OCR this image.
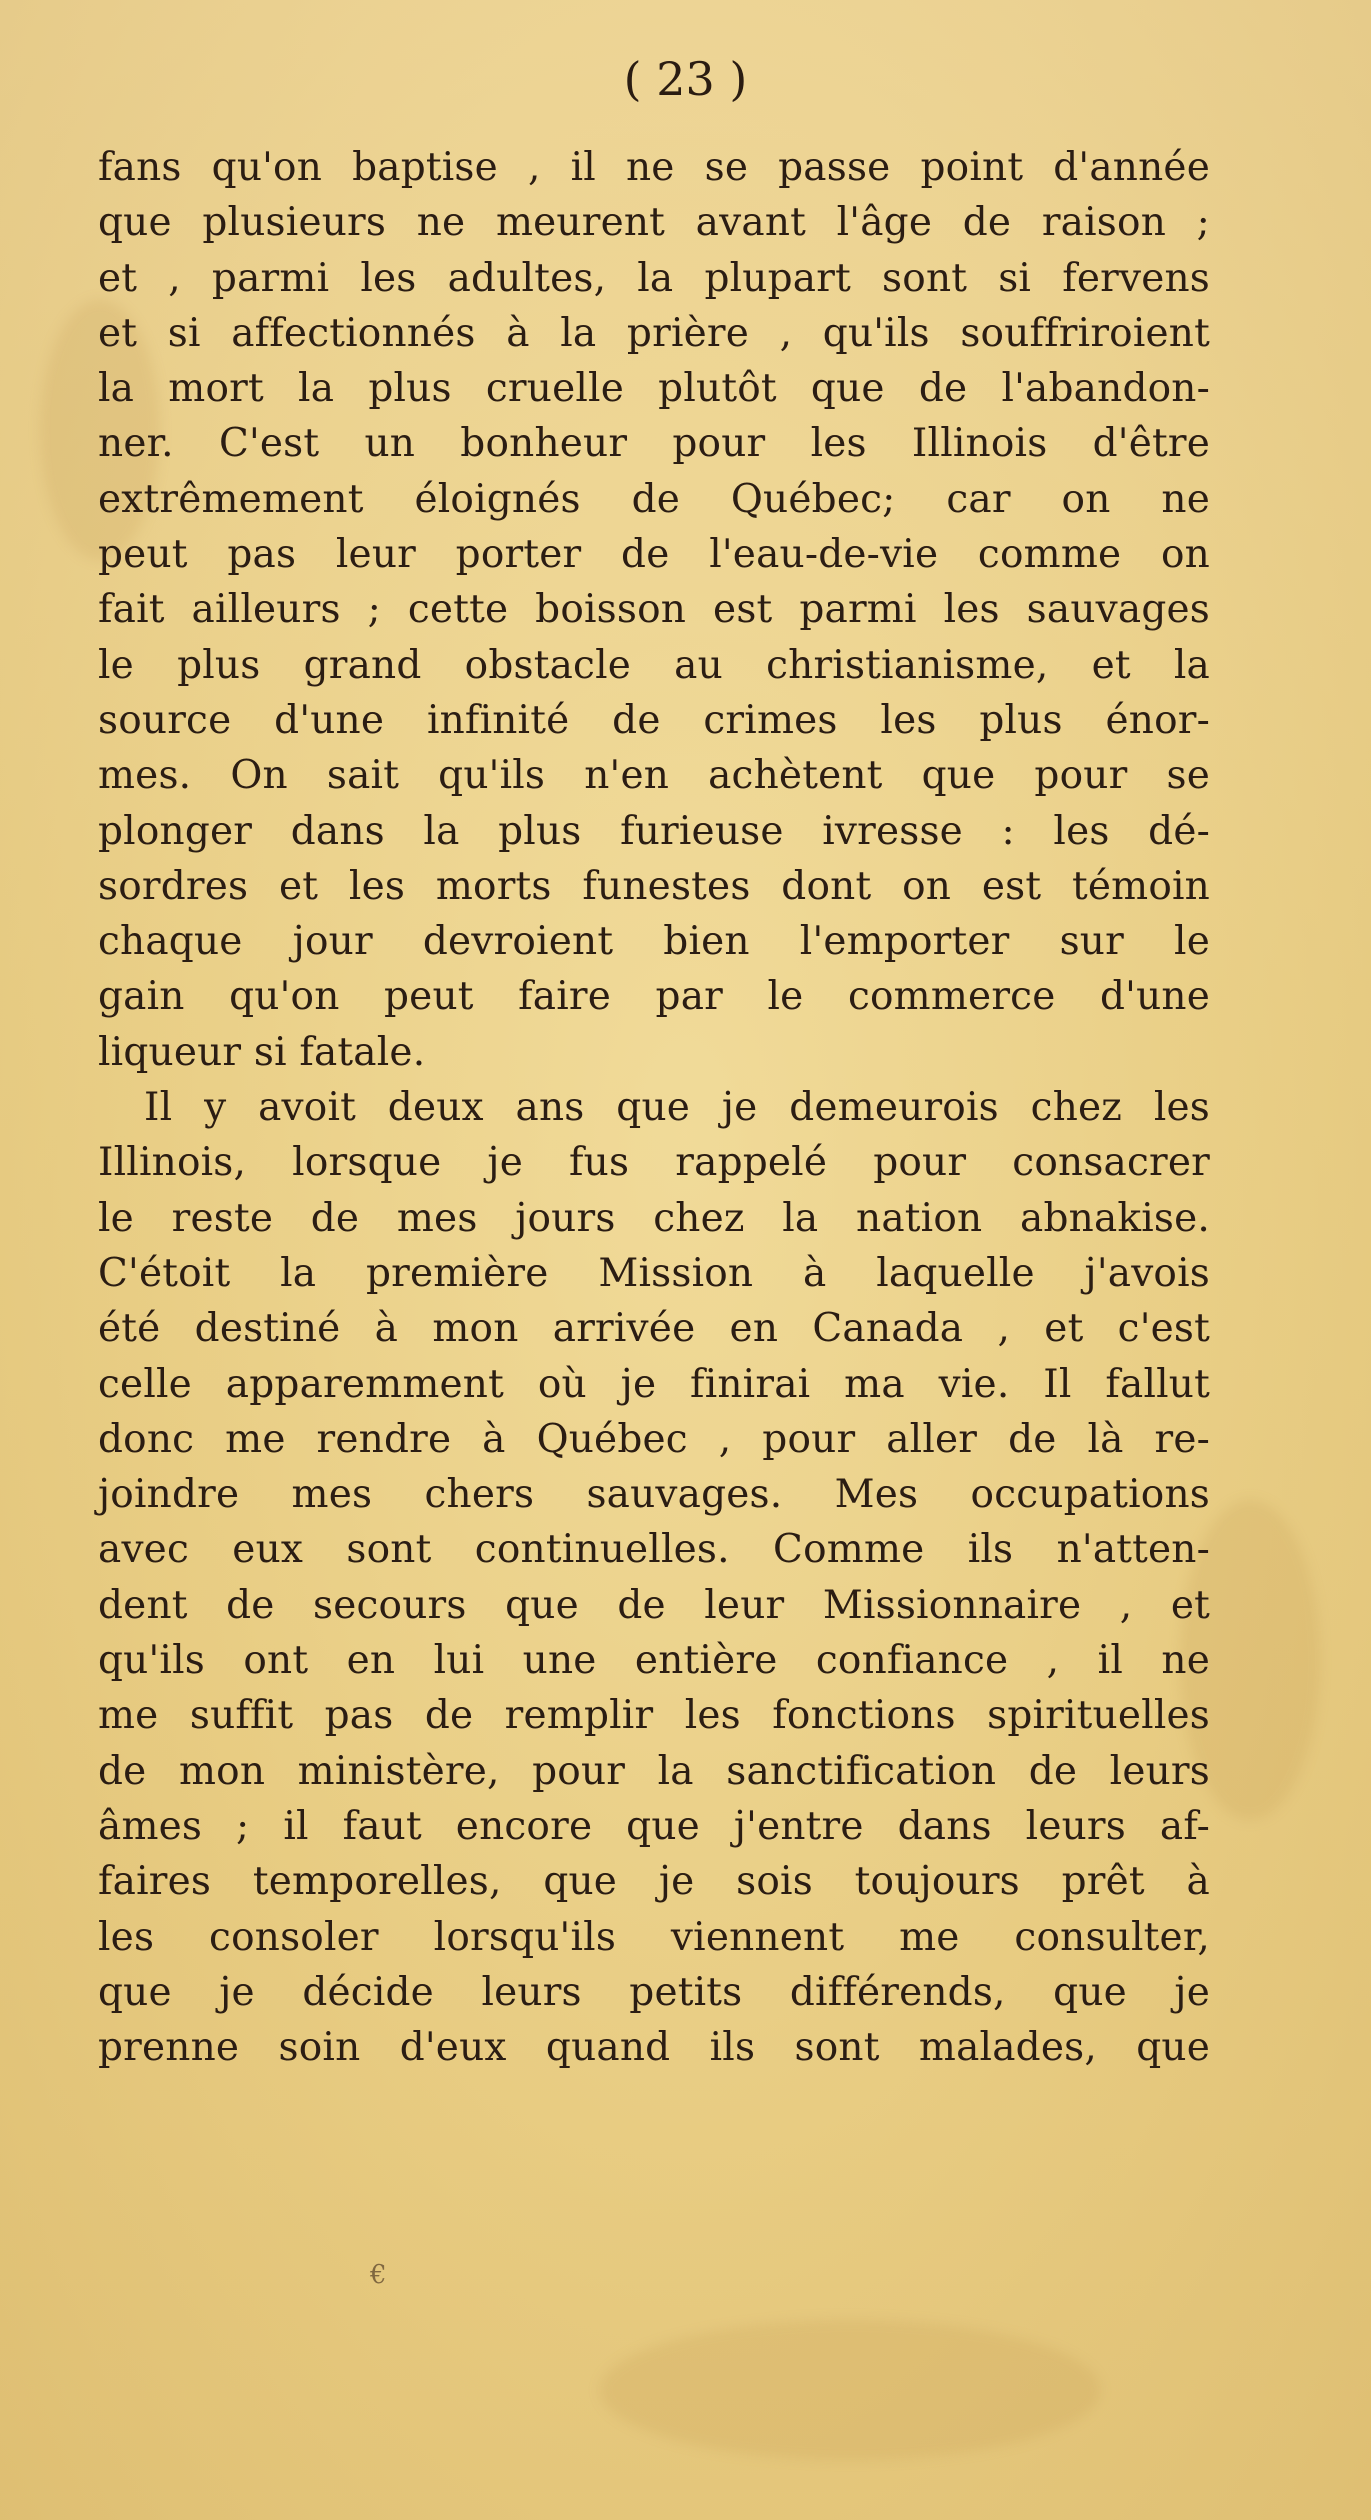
( 23 )

fans qu'on baptise , il ne se passe point d'année
que plusieurs ne meurent avant l'âge de raison ;
et , parmi les adultes, la plupart sont si fervens
et si affectionnés à la prière , qu'ils souffriroient
la mort la plus cruelle plutôt que de l'abandon-
ner. C'est un bonheur pour les Illinois d'être
extrêmement éloignés de Québec; car on ne
peut pas leur porter de l'eau-de-vie comme on
fait ailleurs ; cette boisson est parmi les sauvages
le plus grand obstacle au christianisme, et la
source d'une infinité de crimes les plus énor-
mes. On sait qu'ils n'en achètent que pour se
plonger dans la plus furieuse ivresse : les dé-
sordres et les morts funestes dont on est témoin
chaque jour devroient bien l'emporter sur le
gain qu'on peut faire par le commerce d'une
liqueur si fatale.
Il y avoit deux ans que je demeurois chez les
Illinois, lorsque je fus rappelé pour consacrer
le reste de mes jours chez la nation abnakise.
C'étoit la première Mission à laquelle j'avois
été destiné à mon arrivée en Canada , et c'est
celle apparemment où je finirai ma vie. Il fallut
donc me rendre à Québec , pour aller de là re-
joindre mes chers sauvages. Mes occupations
avec eux sont continuelles. Comme ils n'atten-
dent de secours que de leur Missionnaire , et
qu'ils ont en lui une entière confiance , il ne
me suffit pas de remplir les fonctions spirituelles
de mon ministère, pour la sanctification de leurs
âmes ; il faut encore que j'entre dans leurs af-
faires temporelles, que je sois toujours prêt à
les consoler lorsqu'ils viennent me consulter,
que je décide leurs petits différends, que je
prenne soin d'eux quand ils sont malades, que

€
